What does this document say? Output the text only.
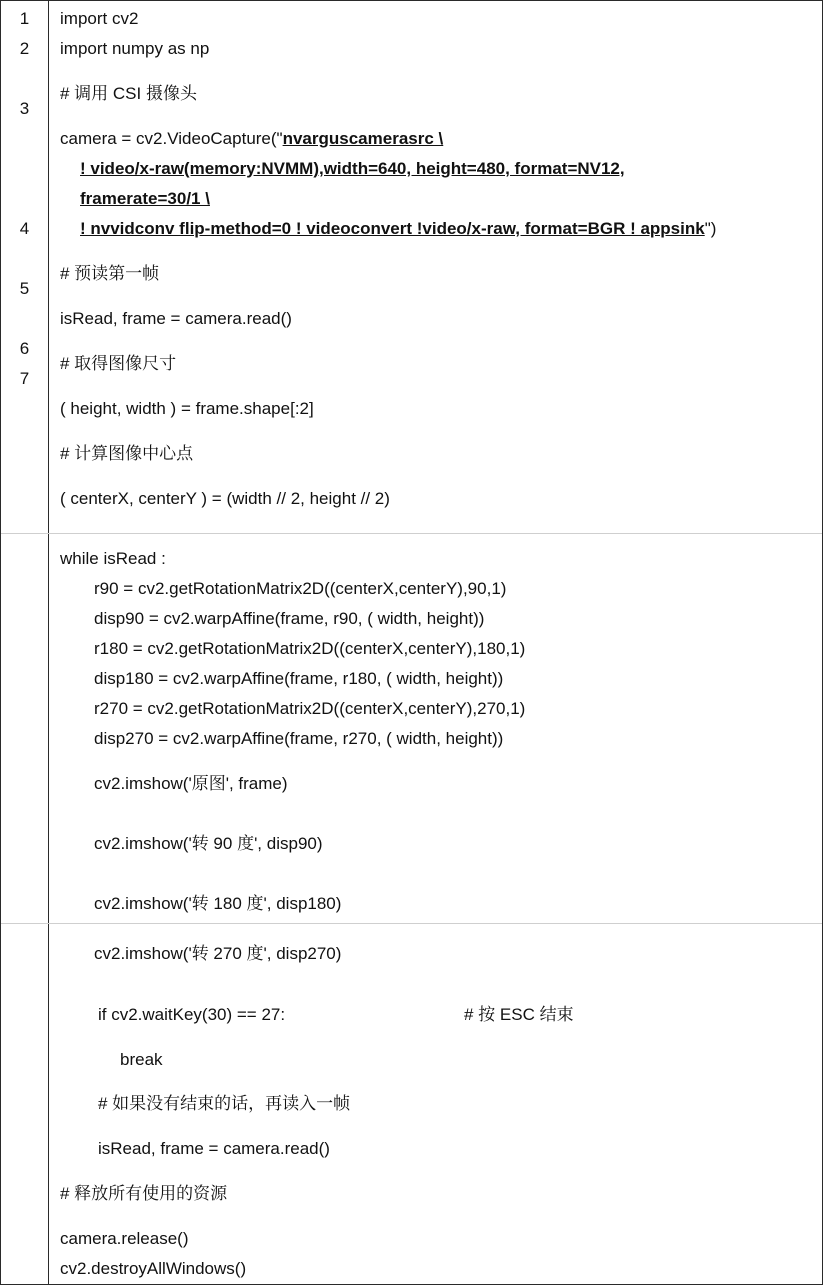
1
2
3
4
5
6
7
import cv2
import numpy as np
# 调用 CSI 摄像头
camera = cv2.VideoCapture("nvarguscamerasrc \
! video/x-raw(memory:NVMM),width=640, height=480, format=NV12,
framerate=30/1 \
! nvvidconv flip-method=0 ! videoconvert !video/x-raw, format=BGR ! appsink")
# 预读第一帧
isRead, frame = camera.read()
# 取得图像尺寸
( height, width ) = frame.shape[:2]
# 计算图像中心点
( centerX, centerY ) = (width // 2, height // 2)
while isRead :
r90 = cv2.getRotationMatrix2D((centerX,centerY),90,1)
disp90 = cv2.warpAffine(frame, r90, ( width, height))
r180 = cv2.getRotationMatrix2D((centerX,centerY),180,1)
disp180 = cv2.warpAffine(frame, r180, ( width, height))
r270 = cv2.getRotationMatrix2D((centerX,centerY),270,1)
disp270 = cv2.warpAffine(frame, r270, ( width, height))
cv2.imshow('原图', frame)
cv2.imshow('转 90 度', disp90)
cv2.imshow('转 180 度', disp180)
cv2.imshow('转 270 度', disp270)
if cv2.waitKey(30) == 27:	# 按 ESC 结束
break
# 如果没有结束的话，再读入一帧
isRead, frame = camera.read()
# 释放所有使用的资源
camera.release()
cv2.destroyAllWindows()
